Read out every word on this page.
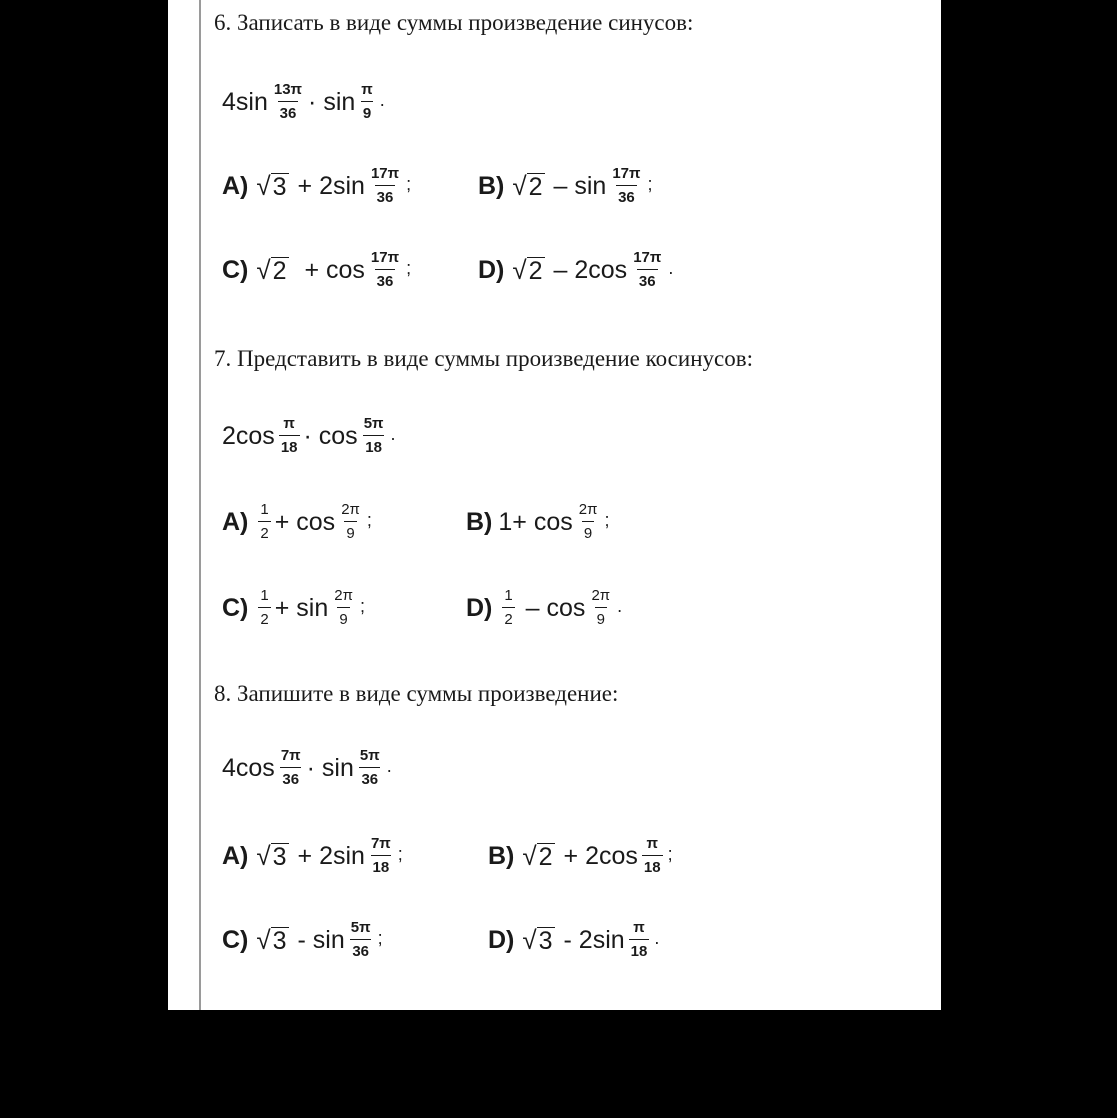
6. Записать в виде суммы произведение синусов:
$4\sin \frac{13\pi}{36} \cdot \sin \frac{\pi}{9}$ .
A) √ $3 + 2\sin \frac{17\pi}{36}$ ;	B) √ $2 - \sin \frac{17\pi}{36}$ ;
C) √ $2 + \cos \frac{17\pi}{36}$ ;	D) √ $2 - 2\cos \frac{17\pi}{36}$ .
7. Представить в виде суммы произведение косинусов:
$2\cos \frac{\pi}{18} \cdot \cos \frac{5\pi}{18}$ .
$A) \frac{1}{2} + \cos \frac{2\pi}{9}$ ;	B) $1+ \cos \frac{2\pi}{9}$ ;
$C) \frac{1}{2} + \sin \frac{2\pi}{9}$ ;	$D) \frac{1}{2}$ – $\cos \frac{2\pi}{9}$ .
8. Запишите в виде суммы произведение:
$4\cos \frac{7\pi}{36} \cdot \sin \frac{5\pi}{36}$ .
A) √ $3 + 2\sin \frac{7\pi}{18}$ ;	B) √ $2 + 2\cos \frac{\pi}{18}$ ;
C) √ $3 - \sin \frac{5\pi}{36}$ ;	D) √ $3 - 2\sin \frac{\pi}{18}$ .
